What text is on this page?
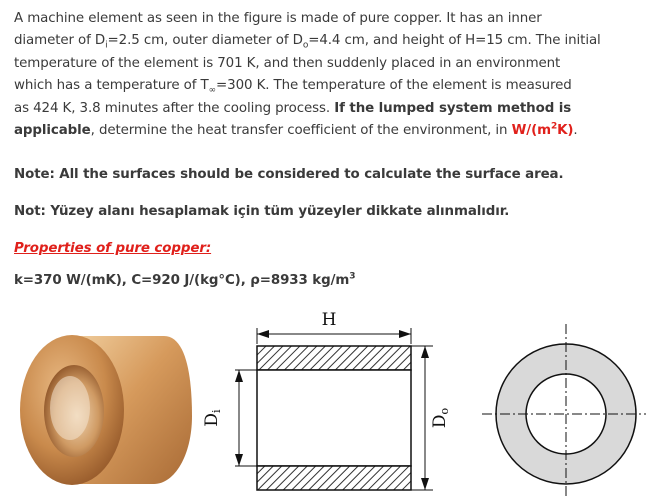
A machine element as seen in the figure is made of pure copper. It has an inner
diameter of $D_i=2.5$ cm, outer diameter of $D_o=4.4$ cm, and height of H=15 cm. The initial
temperature of the element is 701 K, and then suddenly placed in an environment
which has a temperature of $T_\infty=300$ K. The temperature of the element is measured
as 424 K, 3.8 minutes after the cooling process. If the lumped system method is
applicable, determine the heat transfer coefficient of the environment, in $W/(m^2K)$.
Note: All the surfaces should be considered to calculate the surface area.
Not: Yüzey alanı hesaplamak için tüm yüzeyler dikkate alınmalıdır.
Properties of pure copper:
k=370 W/(mK), C=920 J/(kg°C), ρ=8933 $kg/m^3$
H
Di
Do
